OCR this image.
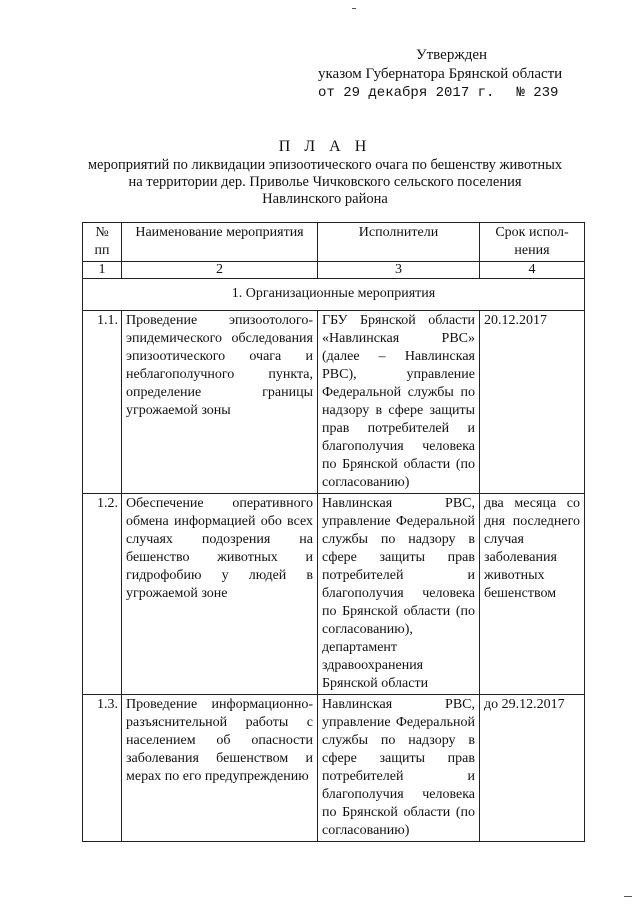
Утвержден
указом Губернатора Брянской области
от 29 декабря 2017 г. № 239
П Л А Н
мероприятий по ликвидации эпизоотического очага по бешенству животных
на территории дер. Приволье Чичковского сельского поселения
Навлинского района
№ пп	Наименование мероприятия	Исполнители	Срок испол- нения
1	2	3	4
1. Организационные мероприятия			
1.1.	Проведение эпизоотолого-эпидемического обследования эпизоотического очага и неблагополучного пункта, определение границы угрожаемой зоны	ГБУ Брянской области «Навлинская РВС» (далее – Навлинская РВС), управление Федеральной службы по надзору в сфере защиты прав потребителей и благополучия человека по Брянской области (по согласованию)	20.12.2017
1.2.	Обеспечение оперативного обмена информацией обо всех случаях подозрения на бешенство животных и гидрофобию у людей в угрожаемой зоне	Навлинская РВС, управление Федеральной службы по надзору в сфере защиты прав потребителей и благополучия человека по Брянской области (по согласованию), департамент здравоохранения Брянской области	два месяца со дня последнего случая заболевания животных бешенством
1.3.	Проведение информационно-разъяснительной работы с населением об опасности заболевания бешенством и мерах по его предупреждению	Навлинская РВС, управление Федеральной службы по надзору в сфере защиты прав потребителей и благополучия человека по Брянской области (по согласованию)	до 29.12.2017
